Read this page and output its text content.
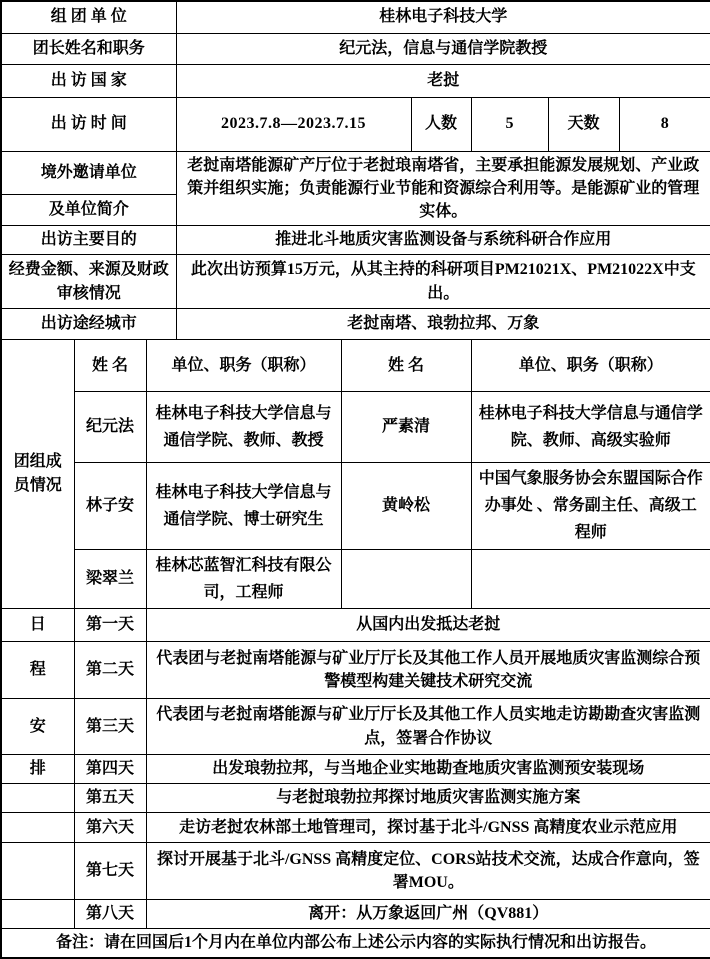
组 团 单 位			桂林电子科技大学					
团长姓名和职务			纪元法，信息与通信学院教授					
出 访 国 家			老挝					
出 访 时 间			2023.7.8—2023.7.15		人数	5	天数	8
境外邀请单位			老挝南塔能源矿产厅位于老挝琅南塔省，主要承担能源发展规划、产业政策并组织实施；负责能源行业节能和资源综合利用等。是能源矿业的管理实体。					
及单位简介								
出访主要目的			推进北斗地质灾害监测设备与系统科研合作应用					
经费金额、来源及财政审核情况			此次出访预算15万元，从其主持的科研项目PM21021X、PM21022X中支出。					
出访途经城市			老挝南塔、琅勃拉邦、万象					
团组成员情况	姓 名	单位、职务（职称）		姓 名		单位、职务（职称）		
	纪元法	桂林电子科技大学信息与通信学院、教师、教授		严素清		桂林电子科技大学信息与通信学院、教师、高级实验师		
	林子安	桂林电子科技大学信息与通信学院、博士研究生		黄岭松		中国气象服务协会东盟国际合作办事处 、常务副主任、高级工程师		
	梁翠兰	桂林芯蓝智汇科技有限公司，工程师						
日	第一天	从国内出发抵达老挝						
程	第二天	代表团与老挝南塔能源与矿业厅厅长及其他工作人员开展地质灾害监测综合预警模型构建关键技术研究交流						
安	第三天	代表团与老挝南塔能源与矿业厅厅长及其他工作人员实地走访勘勘查灾害监测点，签署合作协议						
排	第四天	出发琅勃拉邦，与当地企业实地勘查地质灾害监测预安装现场						
	第五天	与老挝琅勃拉邦探讨地质灾害监测实施方案						
	第六天	走访老挝农林部土地管理司，探讨基于北斗/GNSS 高精度农业示范应用						
	第七天	探讨开展基于北斗/GNSS 高精度定位、CORS站技术交流，达成合作意向，签署MOU。						
	第八天	离开：从万象返回广州（QV881）						
备注：请在回国后1个月内在单位内部公布上述公示内容的实际执行情况和出访报告。								
